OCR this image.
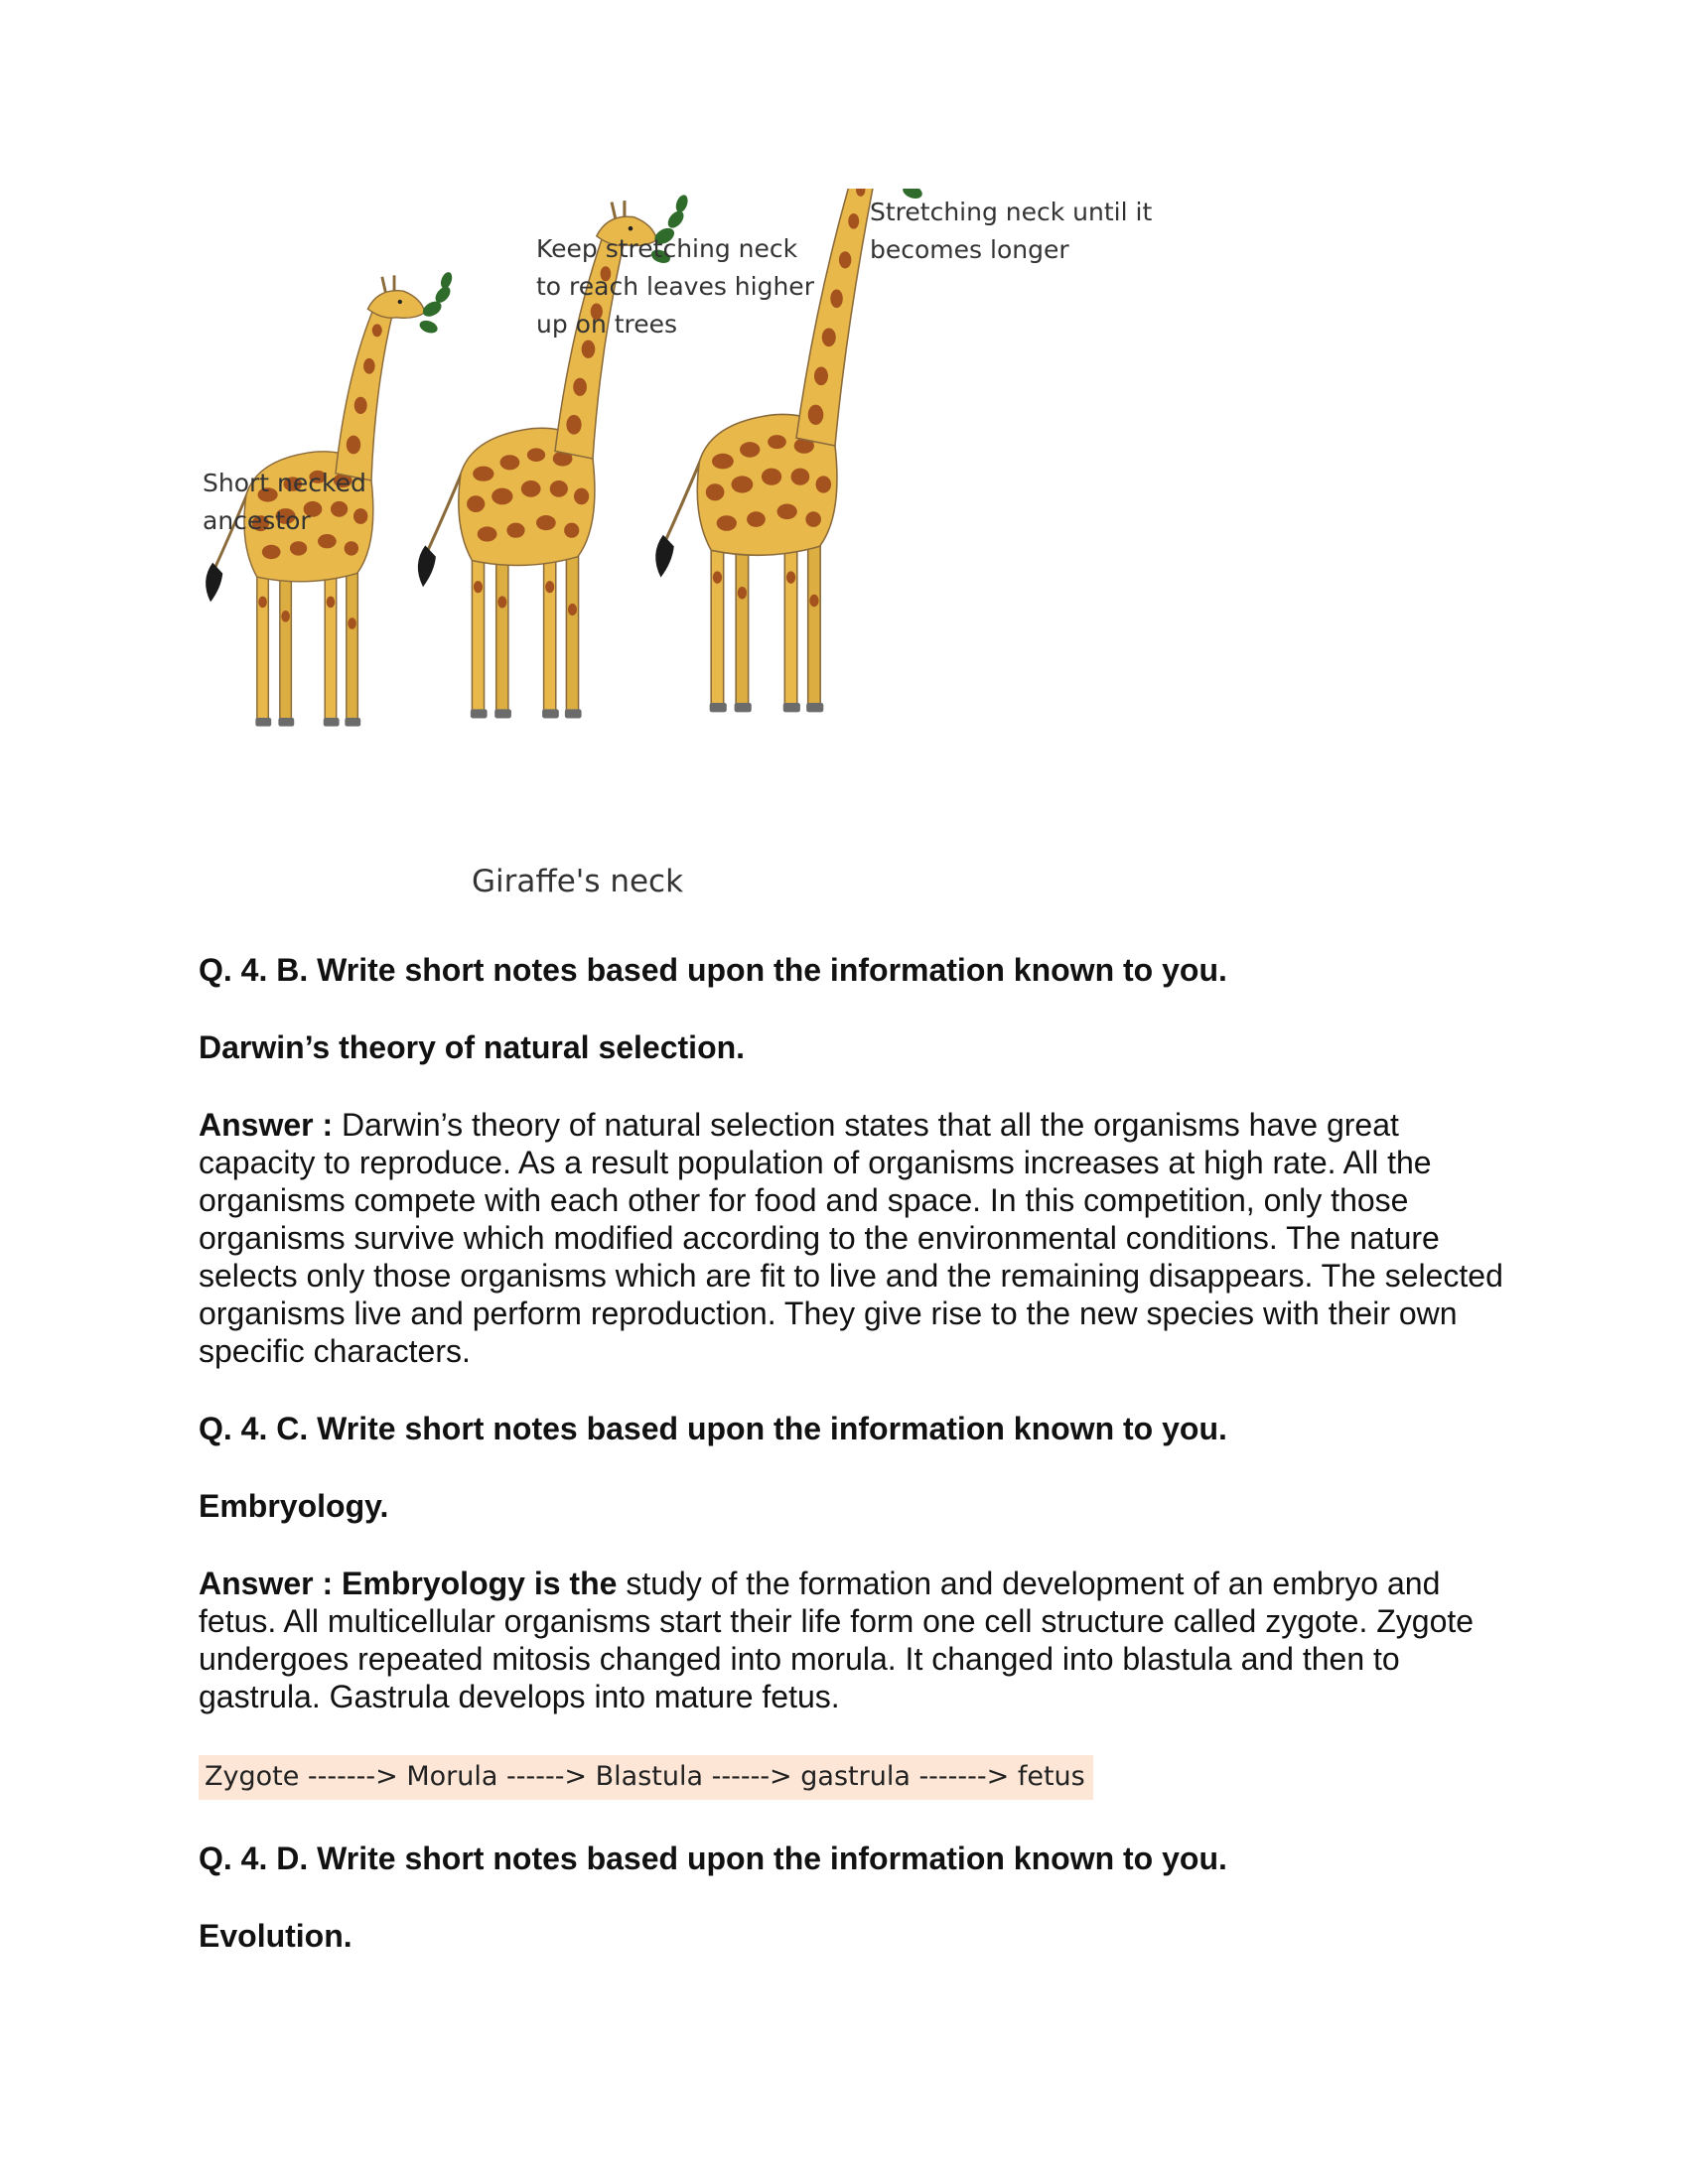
Short necked
ancestor
Keep stretching neck
to reach leaves higher
up on trees
Stretching neck until it
becomes longer
Giraffe's neck

Q. 4. B. Write short notes based upon the information known to you.

Darwin’s theory of natural selection.

Answer : Darwin’s theory of natural selection states that all the organisms have great capacity to reproduce. As a result population of organisms increases at high rate. All the organisms compete with each other for food and space. In this competition, only those organisms survive which modified according to the environmental conditions. The nature selects only those organisms which are fit to live and the remaining disappears. The selected organisms live and perform reproduction. They give rise to the new species with their own specific characters.

Q. 4. C. Write short notes based upon the information known to you.

Embryology.

Answer : Embryology is the study of the formation and development of an embryo and fetus. All multicellular organisms start their life form one cell structure called zygote. Zygote undergoes repeated mitosis changed into morula. It changed into blastula and then to gastrula. Gastrula develops into mature fetus.

Zygote -------> Morula ------> Blastula ------> gastrula -------> fetus

Q. 4. D. Write short notes based upon the information known to you.

Evolution.
